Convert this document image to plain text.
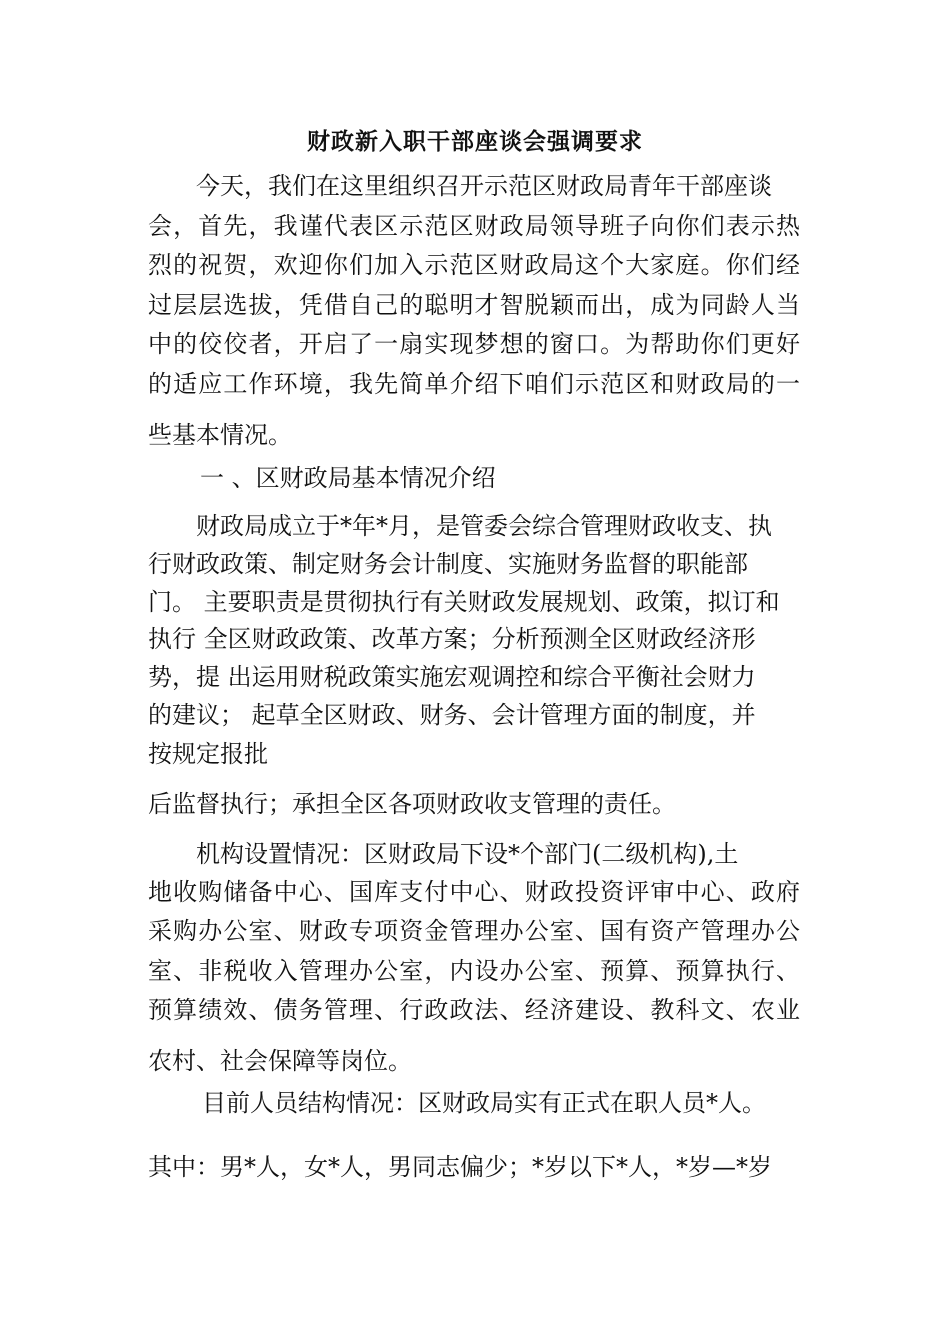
财政新入职干部座谈会强调要求
今天，我们在这里组织召开示范区财政局青年干部座谈
会，首先，我谨代表区示范区财政局领导班子向你们表示热
烈的祝贺，欢迎你们加入示范区财政局这个大家庭。你们经
过层层选拔，凭借自己的聪明才智脱颖而出，成为同龄人当
中的佼佼者，开启了一扇实现梦想的窗口。为帮助你们更好
的适应工作环境，我先简单介绍下咱们示范区和财政局的一
些基本情况。
一 、区财政局基本情况介绍
财政局成立于*年*月，是管委会综合管理财政收支、执
行财政政策、制定财务会计制度、实施财务监督的职能部
门。 主要职责是贯彻执行有关财政发展规划、政策，拟订和
执行 全区财政政策、改革方案；分析预测全区财政经济形
势，提 出运用财税政策实施宏观调控和综合平衡社会财力
的建议； 起草全区财政、财务、会计管理方面的制度，并
按规定报批
后监督执行；承担全区各项财政收支管理的责任。
机构设置情况：区财政局下设*个部门(二级机构),土
地收购储备中心、国库支付中心、财政投资评审中心、政府
采购办公室、财政专项资金管理办公室、国有资产管理办公
室、非税收入管理办公室，内设办公室、预算、预算执行、
预算绩效、债务管理、行政政法、经济建设、教科文、农业
农村、社会保障等岗位。
目前人员结构情况：区财政局实有正式在职人员*人。
其中：男*人，女*人，男同志偏少；*岁以下*人，*岁—*岁
